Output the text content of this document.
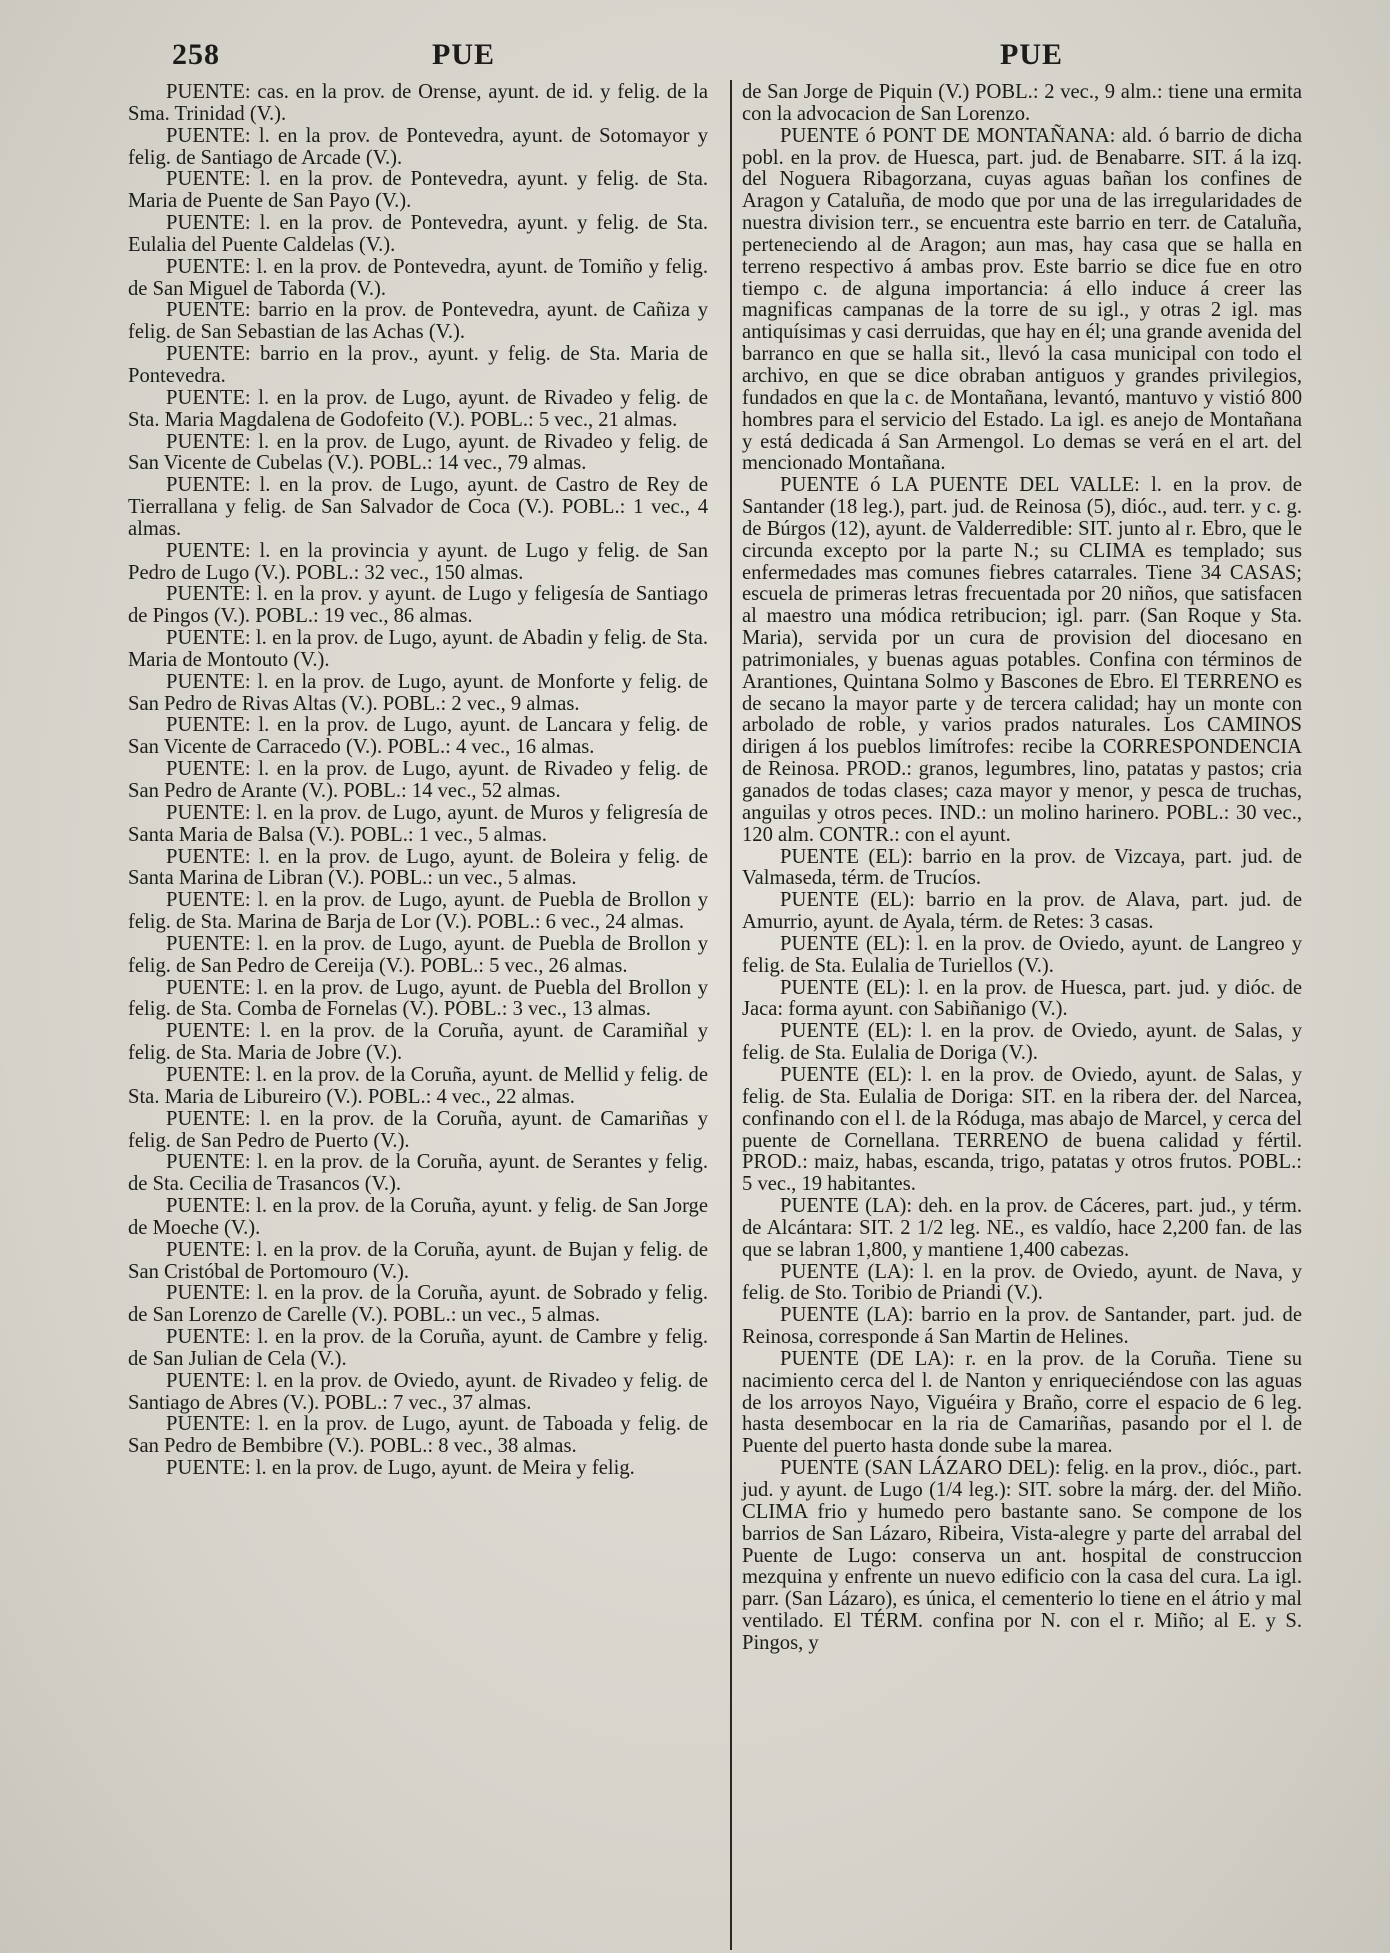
258	PUE	PUE

PUENTE: cas. en la prov. de Orense, ayunt. de id. y felig. de la Sma. Trinidad (V.).

PUENTE: l. en la prov. de Pontevedra, ayunt. de Sotomayor y felig. de Santiago de Arcade (V.).

PUENTE: l. en la prov. de Pontevedra, ayunt. y felig. de Sta. Maria de Puente de San Payo (V.).

PUENTE: l. en la prov. de Pontevedra, ayunt. y felig. de Sta. Eulalia del Puente Caldelas (V.).

PUENTE: l. en la prov. de Pontevedra, ayunt. de Tomiño y felig. de San Miguel de Taborda (V.).

PUENTE: barrio en la prov. de Pontevedra, ayunt. de Cañiza y felig. de San Sebastian de las Achas (V.).

PUENTE: barrio en la prov., ayunt. y felig. de Sta. Maria de Pontevedra.

PUENTE: l. en la prov. de Lugo, ayunt. de Rivadeo y felig. de Sta. Maria Magdalena de Godofeito (V.). POBL.: 5 vec., 21 almas.

PUENTE: l. en la prov. de Lugo, ayunt. de Rivadeo y felig. de San Vicente de Cubelas (V.). POBL.: 14 vec., 79 almas.

PUENTE: l. en la prov. de Lugo, ayunt. de Castro de Rey de Tierrallana y felig. de San Salvador de Coca (V.). POBL.: 1 vec., 4 almas.

PUENTE: l. en la provincia y ayunt. de Lugo y felig. de San Pedro de Lugo (V.). POBL.: 32 vec., 150 almas.

PUENTE: l. en la prov. y ayunt. de Lugo y feligesía de Santiago de Pingos (V.). POBL.: 19 vec., 86 almas.

PUENTE: l. en la prov. de Lugo, ayunt. de Abadin y felig. de Sta. Maria de Montouto (V.).

PUENTE: l. en la prov. de Lugo, ayunt. de Monforte y felig. de San Pedro de Rivas Altas (V.). POBL.: 2 vec., 9 almas.

PUENTE: l. en la prov. de Lugo, ayunt. de Lancara y felig. de San Vicente de Carracedo (V.). POBL.: 4 vec., 16 almas.

PUENTE: l. en la prov. de Lugo, ayunt. de Rivadeo y felig. de San Pedro de Arante (V.). POBL.: 14 vec., 52 almas.

PUENTE: l. en la prov. de Lugo, ayunt. de Muros y feligresía de Santa Maria de Balsa (V.). POBL.: 1 vec., 5 almas.

PUENTE: l. en la prov. de Lugo, ayunt. de Boleira y felig. de Santa Marina de Libran (V.). POBL.: un vec., 5 almas.

PUENTE: l. en la prov. de Lugo, ayunt. de Puebla de Brollon y felig. de Sta. Marina de Barja de Lor (V.). POBL.: 6 vec., 24 almas.

PUENTE: l. en la prov. de Lugo, ayunt. de Puebla de Brollon y felig. de San Pedro de Cereija (V.). POBL.: 5 vec., 26 almas.

PUENTE: l. en la prov. de Lugo, ayunt. de Puebla del Brollon y felig. de Sta. Comba de Fornelas (V.). POBL.: 3 vec., 13 almas.

PUENTE: l. en la prov. de la Coruña, ayunt. de Caramiñal y felig. de Sta. Maria de Jobre (V.).

PUENTE: l. en la prov. de la Coruña, ayunt. de Mellid y felig. de Sta. Maria de Libureiro (V.). POBL.: 4 vec., 22 almas.

PUENTE: l. en la prov. de la Coruña, ayunt. de Camariñas y felig. de San Pedro de Puerto (V.).

PUENTE: l. en la prov. de la Coruña, ayunt. de Serantes y felig. de Sta. Cecilia de Trasancos (V.).

PUENTE: l. en la prov. de la Coruña, ayunt. y felig. de San Jorge de Moeche (V.).

PUENTE: l. en la prov. de la Coruña, ayunt. de Bujan y felig. de San Cristóbal de Portomouro (V.).

PUENTE: l. en la prov. de la Coruña, ayunt. de Sobrado y felig. de San Lorenzo de Carelle (V.). POBL.: un vec., 5 almas.

PUENTE: l. en la prov. de la Coruña, ayunt. de Cambre y felig. de San Julian de Cela (V.).

PUENTE: l. en la prov. de Oviedo, ayunt. de Rivadeo y felig. de Santiago de Abres (V.). POBL.: 7 vec., 37 almas.

PUENTE: l. en la prov. de Lugo, ayunt. de Taboada y felig. de San Pedro de Bembibre (V.). POBL.: 8 vec., 38 almas.

PUENTE: l. en la prov. de Lugo, ayunt. de Meira y felig.

de San Jorge de Piquin (V.) POBL.: 2 vec., 9 alm.: tiene una ermita con la advocacion de San Lorenzo.

PUENTE ó PONT DE MONTAÑANA: ald. ó barrio de dicha pobl. en la prov. de Huesca, part. jud. de Benabarre. SIT. á la izq. del Noguera Ribagorzana, cuyas aguas bañan los confines de Aragon y Cataluña, de modo que por una de las irregularidades de nuestra division terr., se encuentra este barrio en terr. de Cataluña, perteneciendo al de Aragon; aun mas, hay casa que se halla en terreno respectivo á ambas prov. Este barrio se dice fue en otro tiempo c. de alguna importancia: á ello induce á creer las magnificas campanas de la torre de su igl., y otras 2 igl. mas antiquísimas y casi derruidas, que hay en él; una grande avenida del barranco en que se halla sit., llevó la casa municipal con todo el archivo, en que se dice obraban antiguos y grandes privilegios, fundados en que la c. de Montañana, levantó, mantuvo y vistió 800 hombres para el servicio del Estado. La igl. es anejo de Montañana y está dedicada á San Armengol. Lo demas se verá en el art. del mencionado Montañana.

PUENTE ó LA PUENTE DEL VALLE: l. en la prov. de Santander (18 leg.), part. jud. de Reinosa (5), dióc., aud. terr. y c. g. de Búrgos (12), ayunt. de Valderredible: SIT. junto al r. Ebro, que le circunda excepto por la parte N.; su CLIMA es templado; sus enfermedades mas comunes fiebres catarrales. Tiene 34 CASAS; escuela de primeras letras frecuentada por 20 niños, que satisfacen al maestro una módica retribucion; igl. parr. (San Roque y Sta. Maria), servida por un cura de provision del diocesano en patrimoniales, y buenas aguas potables. Confina con términos de Arantiones, Quintana Solmo y Bascones de Ebro. El TERRENO es de secano la mayor parte y de tercera calidad; hay un monte con arbolado de roble, y varios prados naturales. Los CAMINOS dirigen á los pueblos limítrofes: recibe la CORRESPONDENCIA de Reinosa. PROD.: granos, legumbres, lino, patatas y pastos; cria ganados de todas clases; caza mayor y menor, y pesca de truchas, anguilas y otros peces. IND.: un molino harinero. POBL.: 30 vec., 120 alm. CONTR.: con el ayunt.

PUENTE (EL): barrio en la prov. de Vizcaya, part. jud. de Valmaseda, térm. de Trucíos.

PUENTE (EL): barrio en la prov. de Alava, part. jud. de Amurrio, ayunt. de Ayala, térm. de Retes: 3 casas.

PUENTE (EL): l. en la prov. de Oviedo, ayunt. de Langreo y felig. de Sta. Eulalia de Turiellos (V.).

PUENTE (EL): l. en la prov. de Huesca, part. jud. y dióc. de Jaca: forma ayunt. con Sabiñanigo (V.).

PUENTE (EL): l. en la prov. de Oviedo, ayunt. de Salas, y felig. de Sta. Eulalia de Doriga (V.).

PUENTE (EL): l. en la prov. de Oviedo, ayunt. de Salas, y felig. de Sta. Eulalia de Doriga: SIT. en la ribera der. del Narcea, confinando con el l. de la Róduga, mas abajo de Marcel, y cerca del puente de Cornellana. TERRENO de buena calidad y fértil. PROD.: maiz, habas, escanda, trigo, patatas y otros frutos. POBL.: 5 vec., 19 habitantes.

PUENTE (LA): deh. en la prov. de Cáceres, part. jud., y térm. de Alcántara: SIT. 2 1/2 leg. NE., es valdío, hace 2,200 fan. de las que se labran 1,800, y mantiene 1,400 cabezas.

PUENTE (LA): l. en la prov. de Oviedo, ayunt. de Nava, y felig. de Sto. Toribio de Priandi (V.).

PUENTE (LA): barrio en la prov. de Santander, part. jud. de Reinosa, corresponde á San Martin de Helines.

PUENTE (DE LA): r. en la prov. de la Coruña. Tiene su nacimiento cerca del l. de Nanton y enriqueciéndose con las aguas de los arroyos Nayo, Viguéira y Braño, corre el espacio de 6 leg. hasta desembocar en la ria de Camariñas, pasando por el l. de Puente del puerto hasta donde sube la marea.

PUENTE (SAN LÁZARO DEL): felig. en la prov., dióc., part. jud. y ayunt. de Lugo (1/4 leg.): SIT. sobre la márg. der. del Miño. CLIMA frio y humedo pero bastante sano. Se compone de los barrios de San Lázaro, Ribeira, Vista-alegre y parte del arrabal del Puente de Lugo: conserva un ant. hospital de construccion mezquina y enfrente un nuevo edificio con la casa del cura. La igl. parr. (San Lázaro), es única, el cementerio lo tiene en el átrio y mal ventilado. El TÉRM. confina por N. con el r. Miño; al E. y S. Pingos, y
